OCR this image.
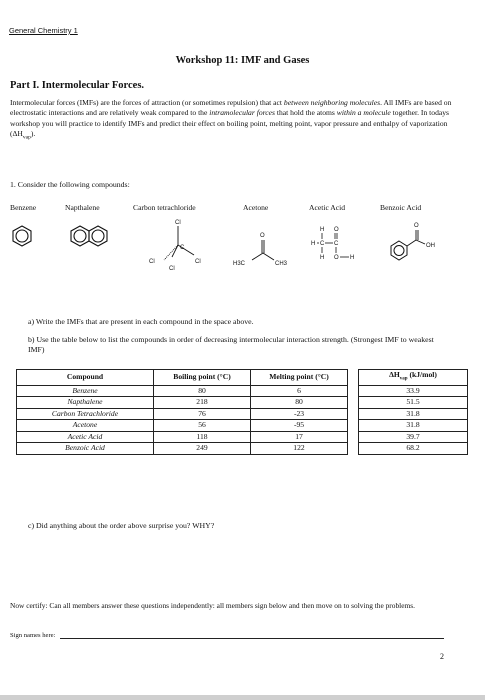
General Chemistry 1
Workshop 11: IMF and Gases
Part I. Intermolecular Forces.
Intermolecular forces (IMFs) are the forces of attraction (or sometimes repulsion) that act between neighboring molecules. All IMFs are based on electrostatic interactions and are relatively weak compared to the intramolecular forces that hold the atoms within a molecule together. In todays workshop you will practice to identify IMFs and predict their effect on boiling point, melting point, vapor pressure and enthalpy of vaporization $(\Delta H_{vap})$.
1. Consider the following compounds:
Benzene	Napthalene	Carbon tetrachloride	Acetone	Acetic Acid	Benzoic Acid
Cl
C
Cl	Cl
Cl
O
H3C	CH3
H O
H C C
H O H
O
OH
a) Write the IMFs that are present in each compound in the space above.
b) Use the table below to list the compounds in order of decreasing intermolecular interaction strength. (Strongest IMF to weakest IMF)
Compound	Boiling point (°C)	Melting point (°C)		$\Delta H_{vap}$ (kJ/mol)
Benzene	80	6		33.9
Napthalene	218	80		51.5
Carbon Tetrachloride	76	-23		31.8
Acetone	56	-95		31.8
Acetic Acid	118	17		39.7
Benzoic Acid	249	122		68.2
c) Did anything about the order above surprise you? WHY?
Now certify: Can all members answer these questions independently: all members sign below and then move on to solving the problems.
Sign names here:
2
